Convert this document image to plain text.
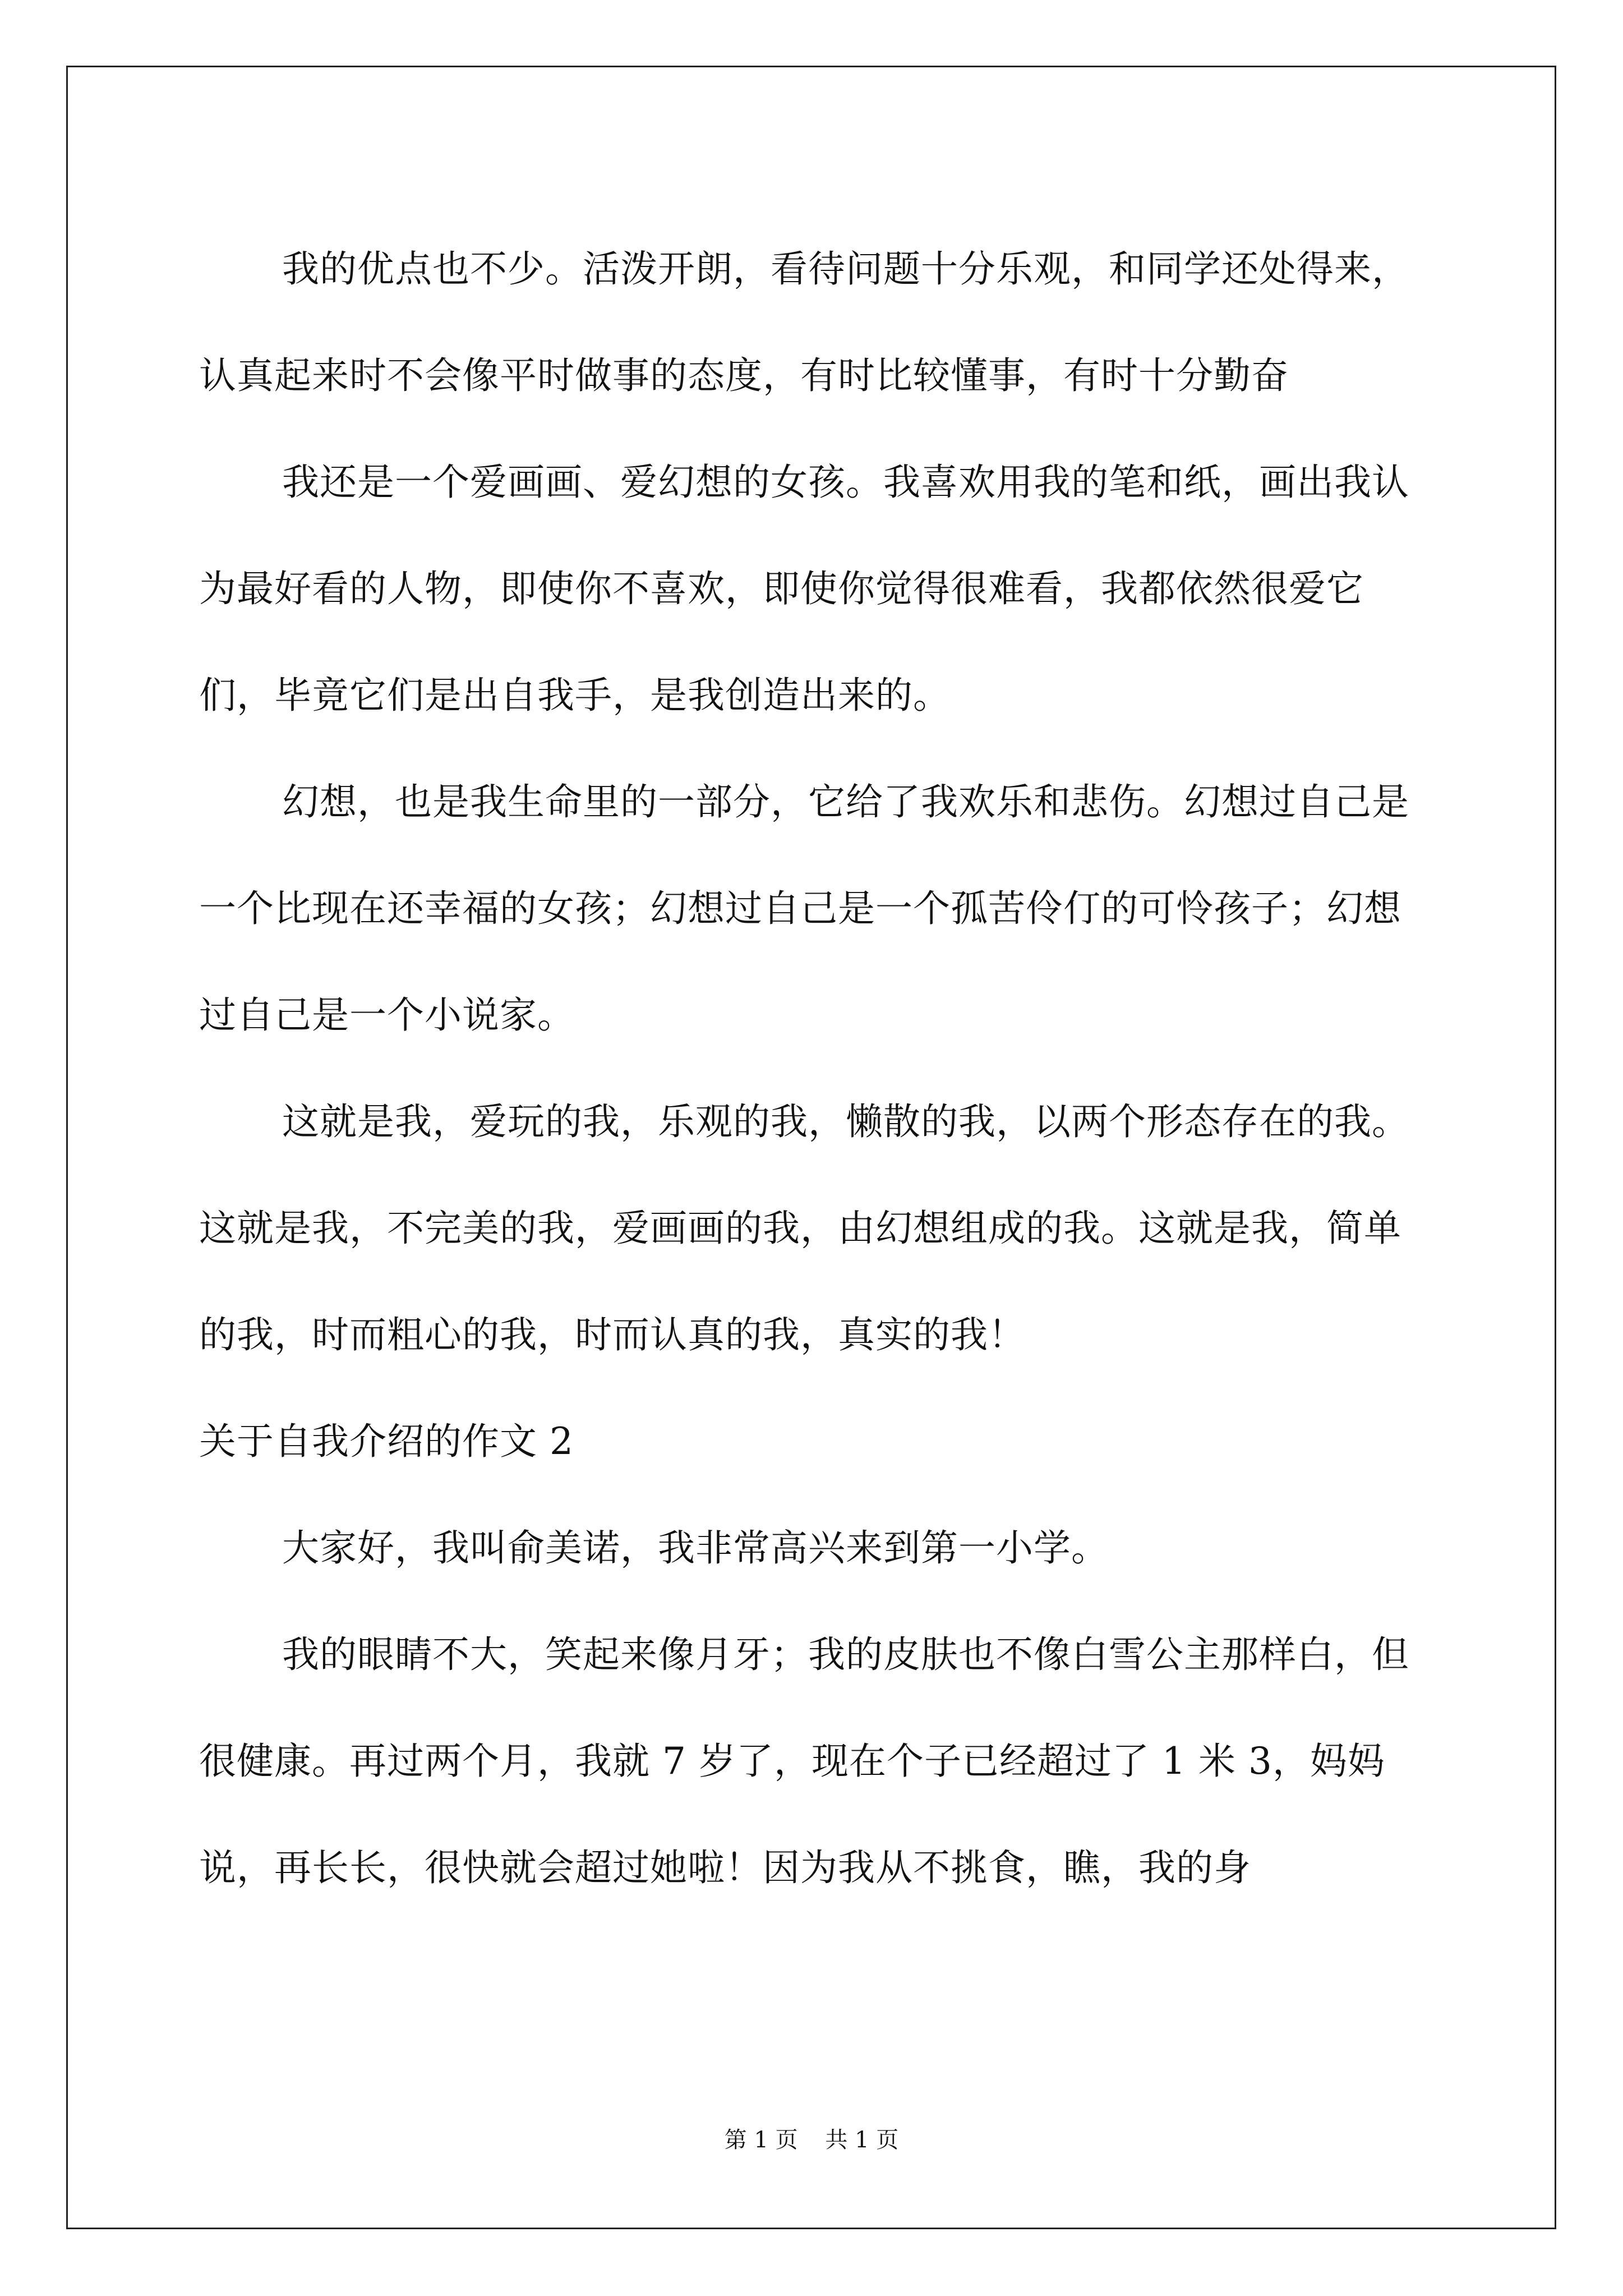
我的优点也不少。活泼开朗，看待问题十分乐观，和同学还处得来，认真起来时不会像平时做事的态度，有时比较懂事，有时十分勤奋

我还是一个爱画画、爱幻想的女孩。我喜欢用我的笔和纸，画出我认为最好看的人物，即使你不喜欢，即使你觉得很难看，我都依然很爱它们，毕竟它们是出自我手，是我创造出来的。

幻想，也是我生命里的一部分，它给了我欢乐和悲伤。幻想过自己是一个比现在还幸福的女孩；幻想过自己是一个孤苦伶仃的可怜孩子；幻想过自己是一个小说家。

这就是我，爱玩的我，乐观的我，懒散的我，以两个形态存在的我。这就是我，不完美的我，爱画画的我，由幻想组成的我。这就是我，简单的我，时而粗心的我，时而认真的我，真实的我！

关于自我介绍的作文 2

大家好，我叫俞美诺，我非常高兴来到第一小学。

我的眼睛不大，笑起来像月牙；我的皮肤也不像白雪公主那样白，但很健康。再过两个月，我就 7 岁了，现在个子已经超过了 1 米 3，妈妈说，再长长，很快就会超过她啦！因为我从不挑食，瞧，我的身

第 1 页 共 1 页
